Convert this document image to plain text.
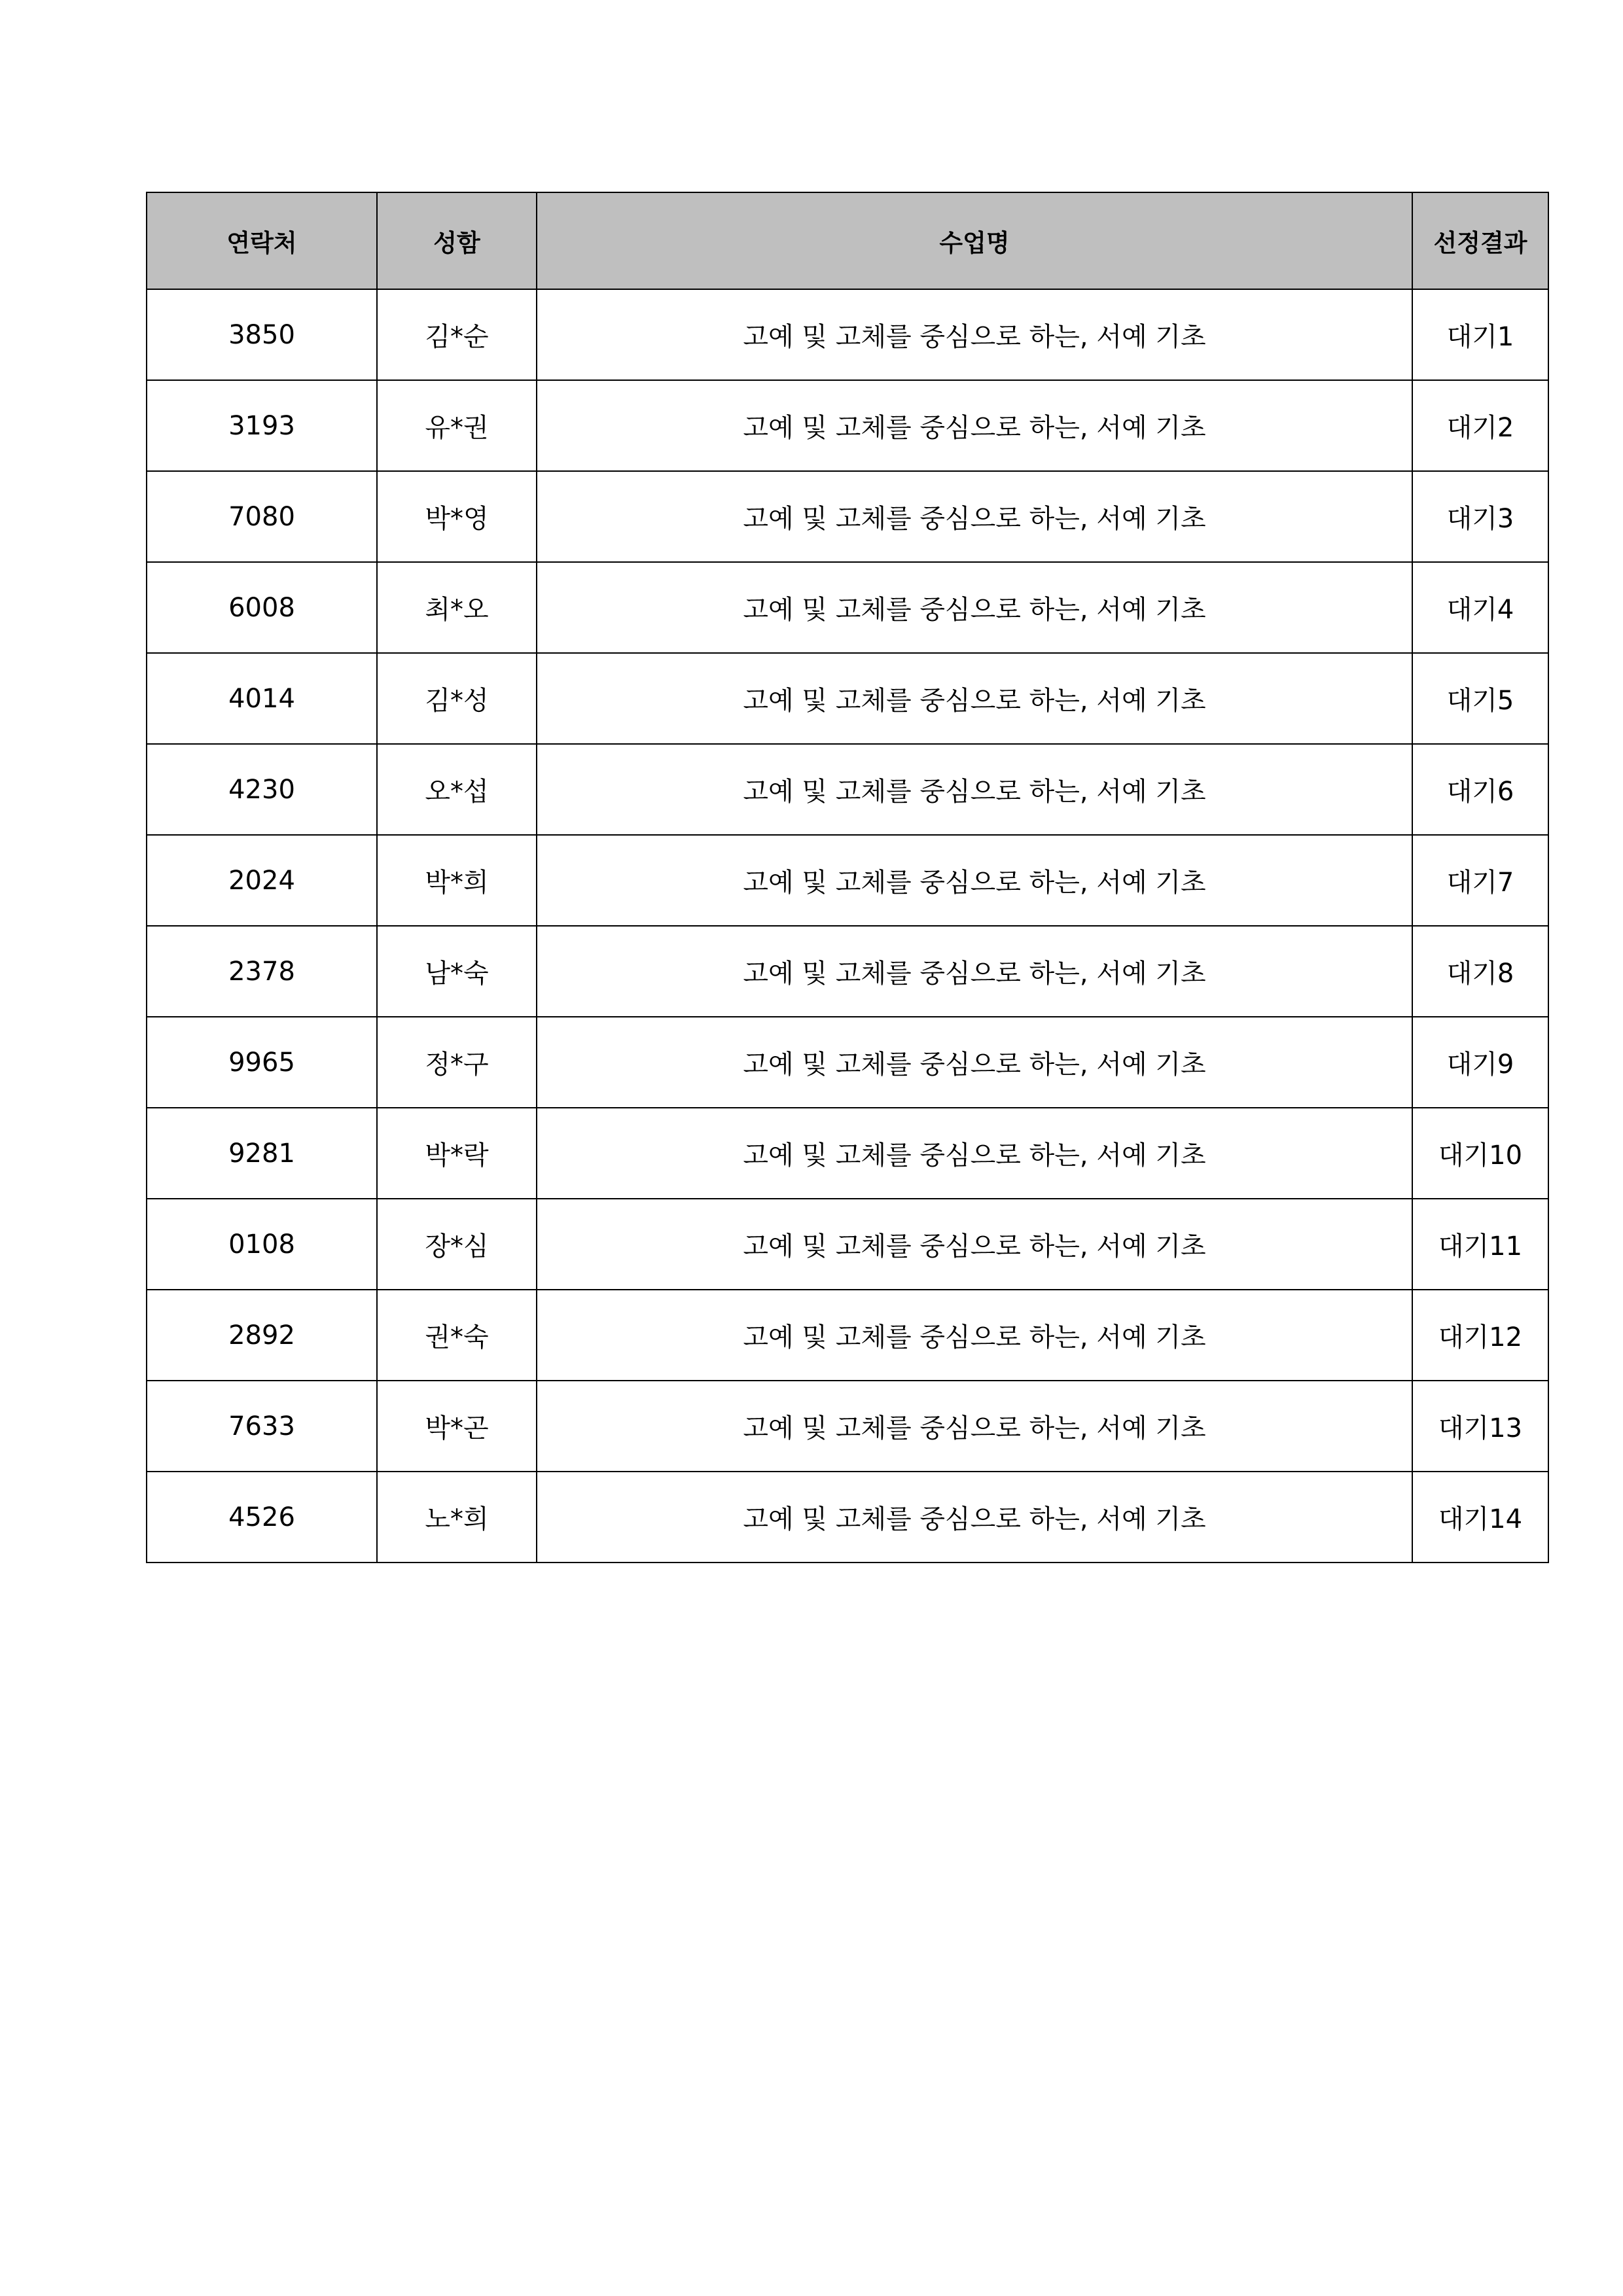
연락처	성함	수업명	선정결과
3850	김*순	고예 및 고체를 중심으로 하는, 서예 기초	대기1
3193	유*권	고예 및 고체를 중심으로 하는, 서예 기초	대기2
7080	박*영	고예 및 고체를 중심으로 하는, 서예 기초	대기3
6008	최*오	고예 및 고체를 중심으로 하는, 서예 기초	대기4
4014	김*성	고예 및 고체를 중심으로 하는, 서예 기초	대기5
4230	오*섭	고예 및 고체를 중심으로 하는, 서예 기초	대기6
2024	박*희	고예 및 고체를 중심으로 하는, 서예 기초	대기7
2378	남*숙	고예 및 고체를 중심으로 하는, 서예 기초	대기8
9965	정*구	고예 및 고체를 중심으로 하는, 서예 기초	대기9
9281	박*락	고예 및 고체를 중심으로 하는, 서예 기초	대기10
0108	장*심	고예 및 고체를 중심으로 하는, 서예 기초	대기11
2892	권*숙	고예 및 고체를 중심으로 하는, 서예 기초	대기12
7633	박*곤	고예 및 고체를 중심으로 하는, 서예 기초	대기13
4526	노*희	고예 및 고체를 중심으로 하는, 서예 기초	대기14
